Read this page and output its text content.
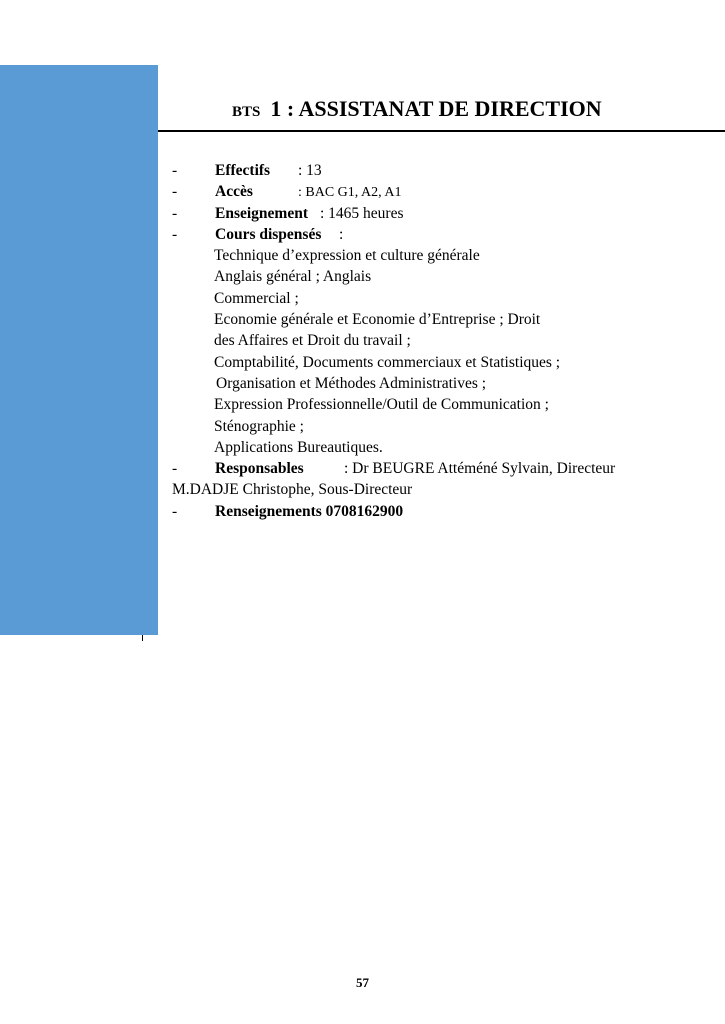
BTS 1 : ASSISTANAT DE DIRECTION
- Effectifs : 13
- Accès	: BAC G1, A2, A1
- Enseignement : 1465 heures
- Cours dispensés :
Technique d’expression et culture générale
Anglais général ; Anglais
Commercial ;
Economie générale et Economie d’Entreprise ; Droit
des Affaires et Droit du travail ;
Comptabilité, Documents commerciaux et Statistiques ;
Organisation et Méthodes Administratives ;
Expression Professionnelle/Outil de Communication ;
Sténographie ;
Applications Bureautiques.
- Responsables	: Dr BEUGRE Attéméné Sylvain, Directeur
M.DADJE Christophe, Sous-Directeur
- Renseignements 0708162900
57
